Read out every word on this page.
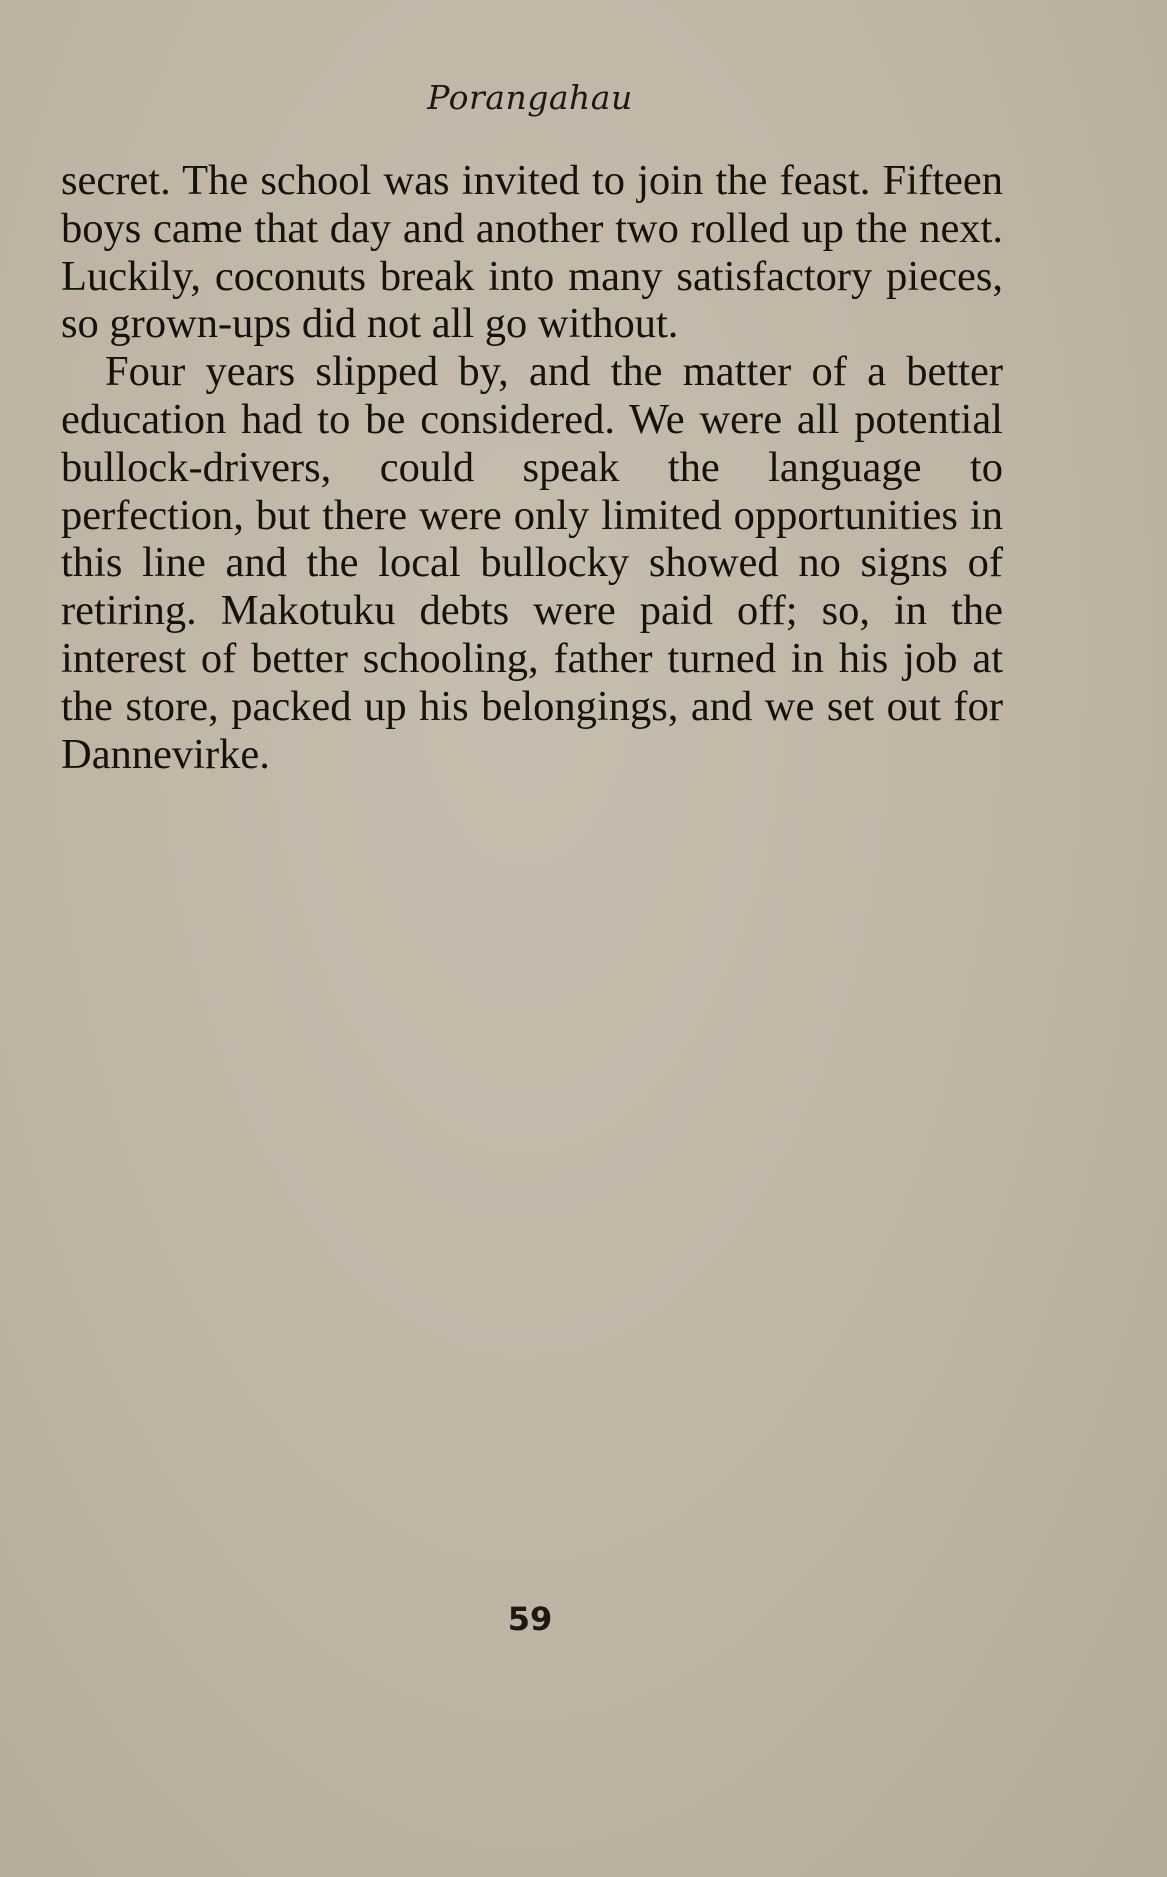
Porangahau

secret. The school was invited to join the feast. Fifteen boys came that day and another two rolled up the next. Luckily, coconuts break into many satisfactory pieces, so grown-ups did not all go without.

Four years slipped by, and the matter of a better education had to be considered. We were all potential bullock-drivers, could speak the language to perfection, but there were only limited opportunities in this line and the local bullocky showed no signs of retiring. Makotuku debts were paid off; so, in the interest of better schooling, father turned in his job at the store, packed up his belongings, and we set out for Dannevirke.

59
